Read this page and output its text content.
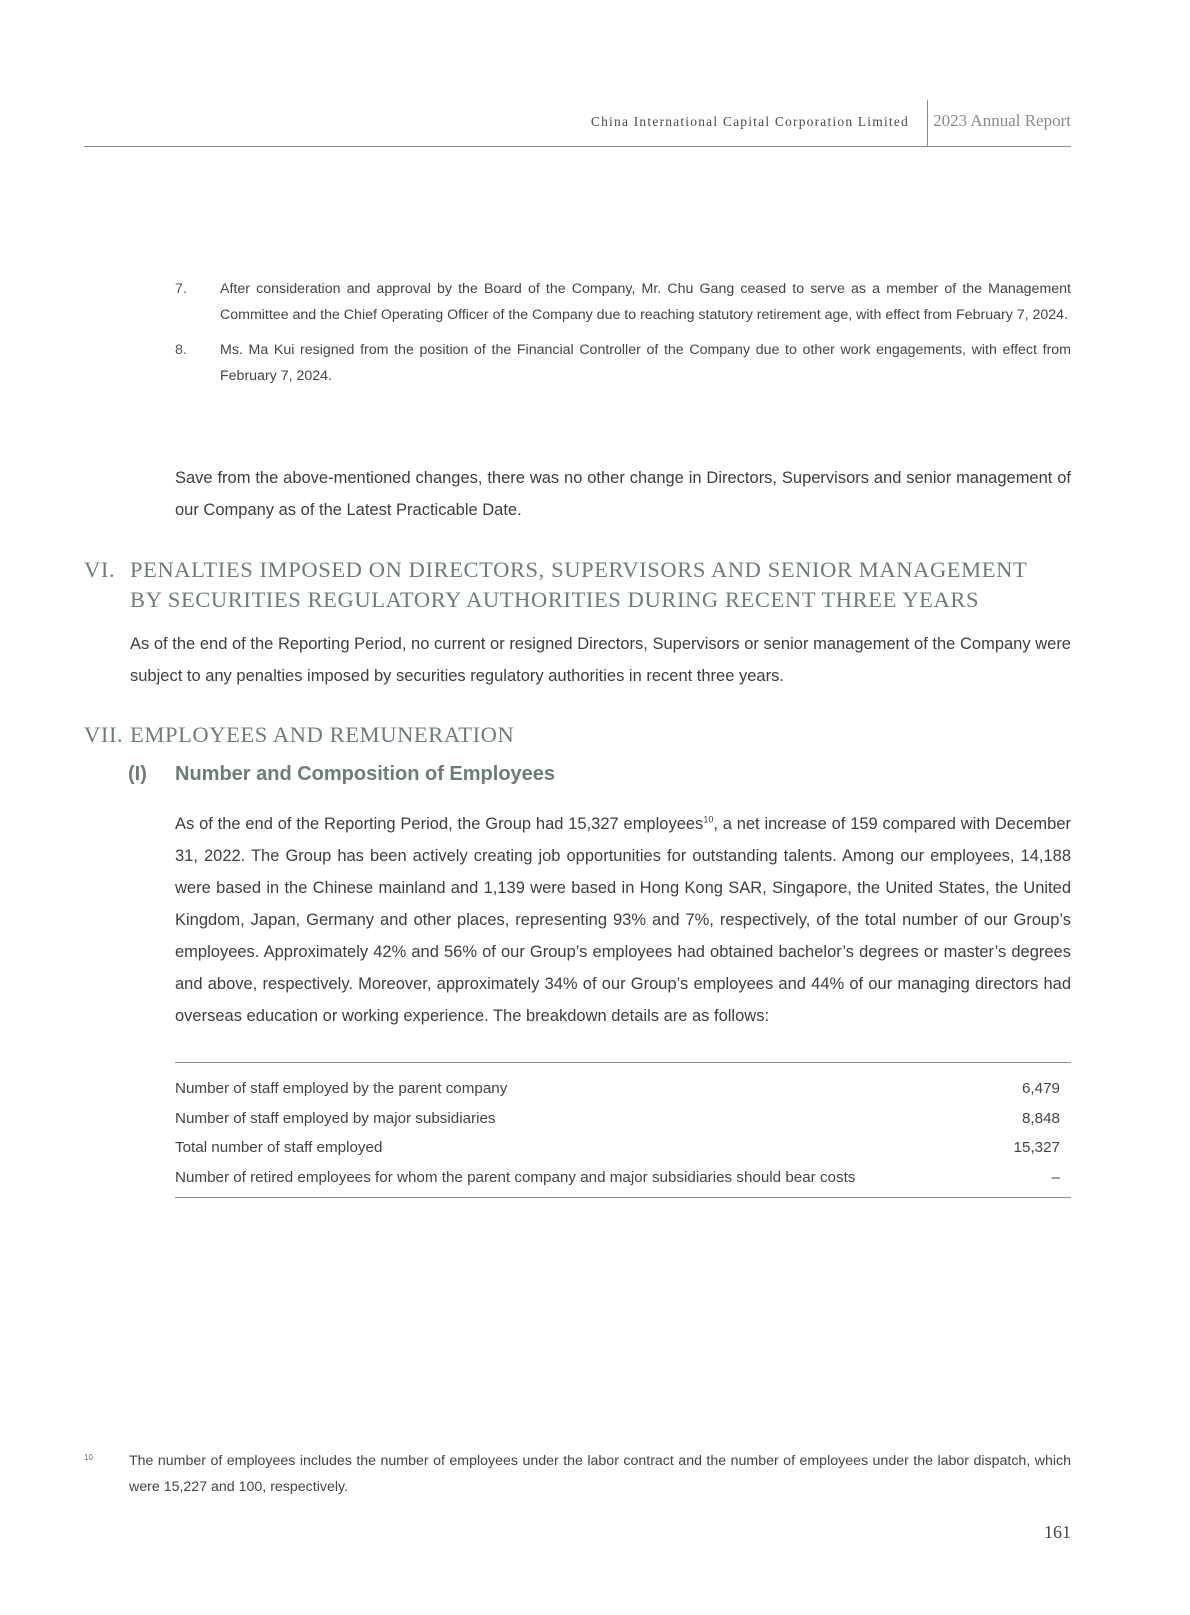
China International Capital Corporation Limited 2023 Annual Report
7.	After consideration and approval by the Board of the Company, Mr. Chu Gang ceased to serve as a member of the Management Committee and the Chief Operating Officer of the Company due to reaching statutory retirement age, with effect from February 7, 2024.
8.	Ms. Ma Kui resigned from the position of the Financial Controller of the Company due to other work engagements, with effect from February 7, 2024.

Save from the above-mentioned changes, there was no other change in Directors, Supervisors and senior management of our Company as of the Latest Practicable Date.

VI. PENALTIES IMPOSED ON DIRECTORS, SUPERVISORS AND SENIOR MANAGEMENT
BY SECURITIES REGULATORY AUTHORITIES DURING RECENT THREE YEARS

As of the end of the Reporting Period, no current or resigned Directors, Supervisors or senior management of the Company were subject to any penalties imposed by securities regulatory authorities in recent three years.

VII. EMPLOYEES AND REMUNERATION
(I) Number and Composition of Employees

As of the end of the Reporting Period, the Group had 15,327 employees$^{10}$, a net increase of 159 compared with December 31, 2022. The Group has been actively creating job opportunities for outstanding talents. Among our employees, 14,188 were based in the Chinese mainland and 1,139 were based in Hong Kong SAR, Singapore, the United States, the United Kingdom, Japan, Germany and other places, representing 93% and 7%, respectively, of the total number of our Group’s employees. Approximately 42% and 56% of our Group’s employees had obtained bachelor’s degrees or master’s degrees and above, respectively. Moreover, approximately 34% of our Group’s employees and 44% of our managing directors had overseas education or working experience. The breakdown details are as follows:

Number of staff employed by the parent company	6,479
Number of staff employed by major subsidiaries	8,848
Total number of staff employed	15,327
Number of retired employees for whom the parent company and major subsidiaries should bear costs	–
10	The number of employees includes the number of employees under the labor contract and the number of employees under the labor dispatch, which were 15,227 and 100, respectively.
161
